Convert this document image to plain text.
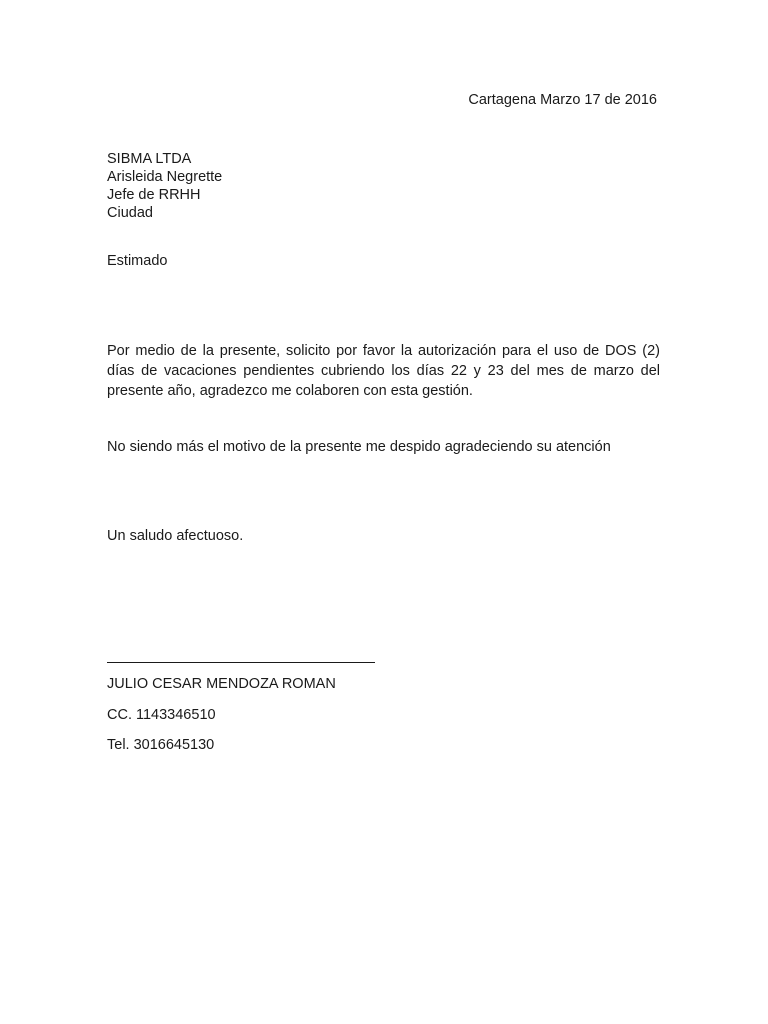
Cartagena Marzo 17 de 2016
SIBMA LTDA
Arisleida Negrette
Jefe de RRHH
Ciudad
Estimado
Por medio de la presente, solicito por favor la autorización para el uso de DOS (2) días de vacaciones pendientes cubriendo los días 22 y 23 del mes de marzo del presente año, agradezco me colaboren con esta gestión.
No siendo más el motivo de la presente me despido agradeciendo su atención
Un saludo afectuoso.
JULIO CESAR MENDOZA ROMAN
CC. 1143346510
Tel. 3016645130
